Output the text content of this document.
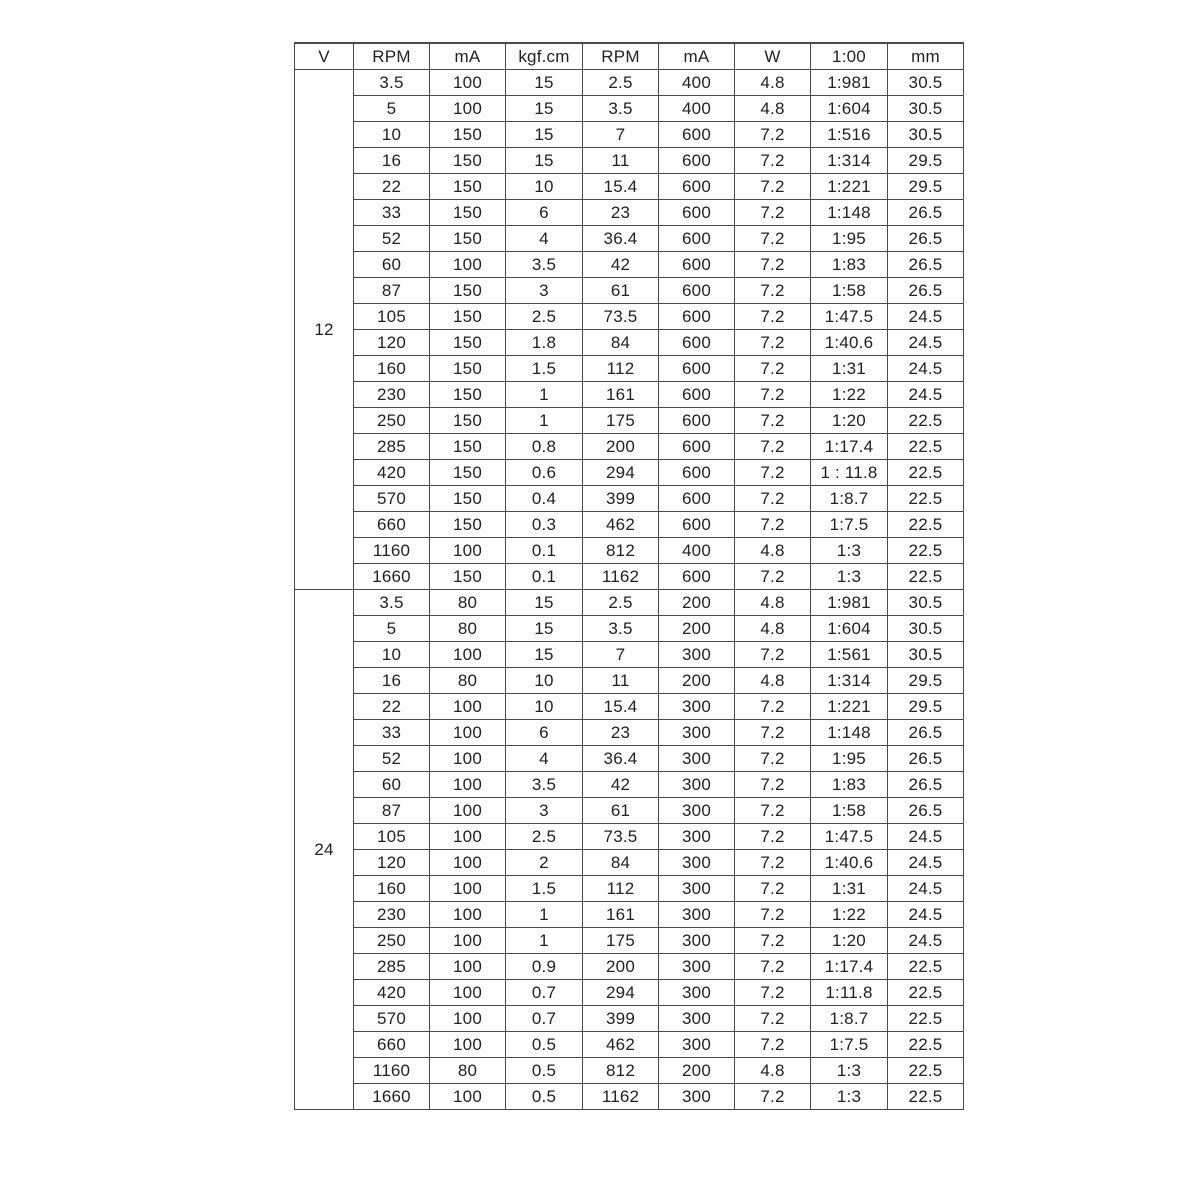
V	RPM	mA	kgf.cm	RPM	mA	W	1:00	mm
12	3.5	100	15	2.5	400	4.8	1:981	30.5
	5	100	15	3.5	400	4.8	1:604	30.5
	10	150	15	7	600	7.2	1:516	30.5
	16	150	15	11	600	7.2	1:314	29.5
	22	150	10	15.4	600	7.2	1:221	29.5
	33	150	6	23	600	7.2	1:148	26.5
	52	150	4	36.4	600	7.2	1:95	26.5
	60	100	3.5	42	600	7.2	1:83	26.5
	87	150	3	61	600	7.2	1:58	26.5
	105	150	2.5	73.5	600	7.2	1:47.5	24.5
	120	150	1.8	84	600	7.2	1:40.6	24.5
	160	150	1.5	112	600	7.2	1:31	24.5
	230	150	1	161	600	7.2	1:22	24.5
	250	150	1	175	600	7.2	1:20	22.5
	285	150	0.8	200	600	7.2	1:17.4	22.5
	420	150	0.6	294	600	7.2	1 : 11.8	22.5
	570	150	0.4	399	600	7.2	1:8.7	22.5
	660	150	0.3	462	600	7.2	1:7.5	22.5
	1160	100	0.1	812	400	4.8	1:3	22.5
	1660	150	0.1	1162	600	7.2	1:3	22.5
24	3.5	80	15	2.5	200	4.8	1:981	30.5
	5	80	15	3.5	200	4.8	1:604	30.5
	10	100	15	7	300	7.2	1:561	30.5
	16	80	10	11	200	4.8	1:314	29.5
	22	100	10	15.4	300	7.2	1:221	29.5
	33	100	6	23	300	7.2	1:148	26.5
	52	100	4	36.4	300	7.2	1:95	26.5
	60	100	3.5	42	300	7.2	1:83	26.5
	87	100	3	61	300	7.2	1:58	26.5
	105	100	2.5	73.5	300	7.2	1:47.5	24.5
	120	100	2	84	300	7.2	1:40.6	24.5
	160	100	1.5	112	300	7.2	1:31	24.5
	230	100	1	161	300	7.2	1:22	24.5
	250	100	1	175	300	7.2	1:20	24.5
	285	100	0.9	200	300	7.2	1:17.4	22.5
	420	100	0.7	294	300	7.2	1:11.8	22.5
	570	100	0.7	399	300	7.2	1:8.7	22.5
	660	100	0.5	462	300	7.2	1:7.5	22.5
	1160	80	0.5	812	200	4.8	1:3	22.5
	1660	100	0.5	1162	300	7.2	1:3	22.5
